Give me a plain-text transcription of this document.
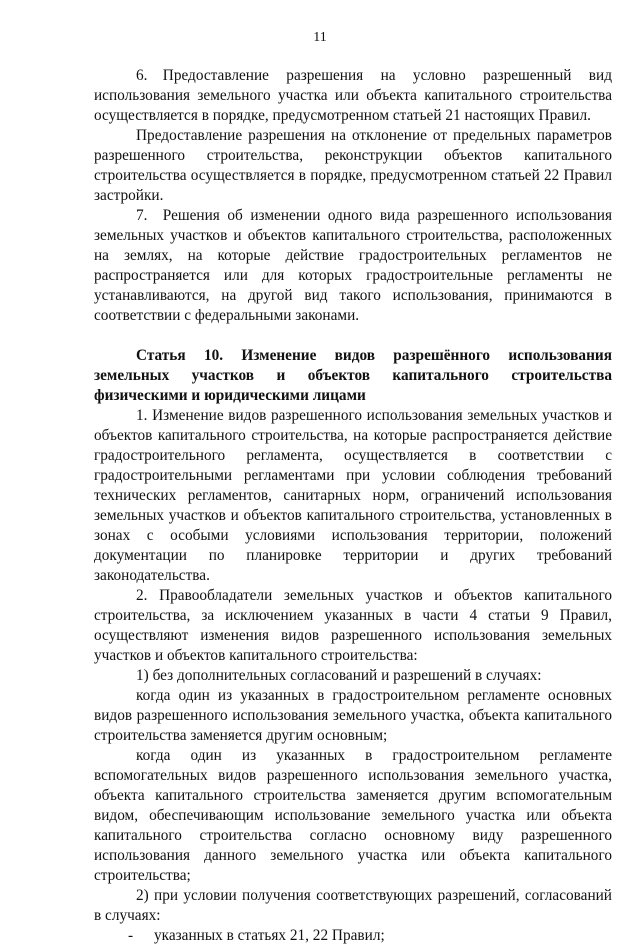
11

6. Предоставление разрешения на условно разрешенный вид использования земельного участка или объекта капитального строительства осуществляется в порядке, предусмотренном статьей 21 настоящих Правил.

Предоставление разрешения на отклонение от предельных параметров разрешенного строительства, реконструкции объектов капитального строительства осуществляется в порядке, предусмотренном статьей 22 Правил застройки.

7. Решения об изменении одного вида разрешенного использования земельных участков и объектов капитального строительства, расположенных на землях, на которые действие градостроительных регламентов не распространяется или для которых градостроительные регламенты не устанавливаются, на другой вид такого использования, принимаются в соответствии с федеральными законами.

Статья 10. Изменение видов разрешённого использования земельных участков и объектов капитального строительства физическими и юридическими лицами

1. Изменение видов разрешенного использования земельных участков и объектов капитального строительства, на которые распространяется действие градостроительного регламента, осуществляется в соответствии с градостроительными регламентами при условии соблюдения требований технических регламентов, санитарных норм, ограничений использования земельных участков и объектов капитального строительства, установленных в зонах с особыми условиями использования территории, положений документации по планировке территории и других требований законодательства.

2. Правообладатели земельных участков и объектов капитального строительства, за исключением указанных в части 4 статьи 9 Правил, осуществляют изменения видов разрешенного использования земельных участков и объектов капитального строительства:

1) без дополнительных согласований и разрешений в случаях:

когда один из указанных в градостроительном регламенте основных видов разрешенного использования земельного участка, объекта капитального строительства заменяется другим основным;

когда один из указанных в градостроительном регламенте вспомогательных видов разрешенного использования земельного участка, объекта капитального строительства заменяется другим вспомогательным видом, обеспечивающим использование земельного участка или объекта капитального строительства согласно основному виду разрешенного использования данного земельного участка или объекта капитального строительства;

2) при условии получения соответствующих разрешений, согласований в случаях:

-	указанных в статьях 21, 22 Правил;
